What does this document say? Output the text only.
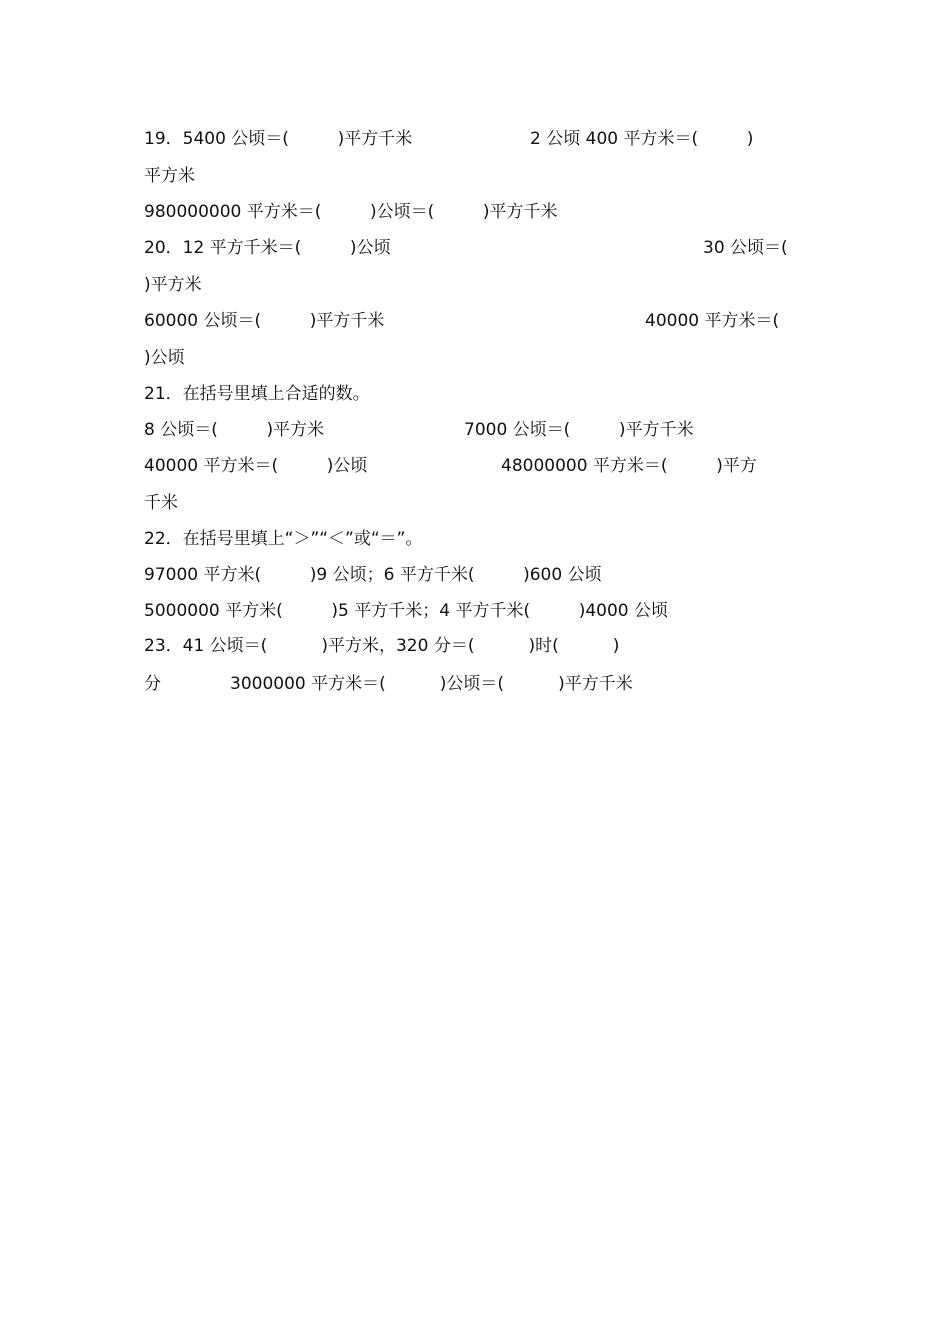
19．5400 公顷＝(         )平方千米	2 公顷 400 平方米＝(         )
平方米
980000000 平方米＝(         )公顷＝(         )平方千米
20．12 平方千米＝(         )公顷	30 公顷＝(
)平方米
60000 公顷＝(         )平方千米	40000 平方米＝(
)公顷
21．在括号里填上合适的数。
8 公顷＝(         )平方米	7000 公顷＝(         )平方千米
40000 平方米＝(         )公顷	48000000 平方米＝(         )平方
千米
22．在括号里填上“＞”“＜”或“＝”。
97000 平方米(         )9 公顷；6 平方千米(         )600 公顷
5000000 平方米(         )5 平方千米；4 平方千米(         )4000 公顷
23．41 公顷＝(          )平方米，320 分＝(          )时(          )
分	3000000 平方米＝(          )公顷＝(          )平方千米
